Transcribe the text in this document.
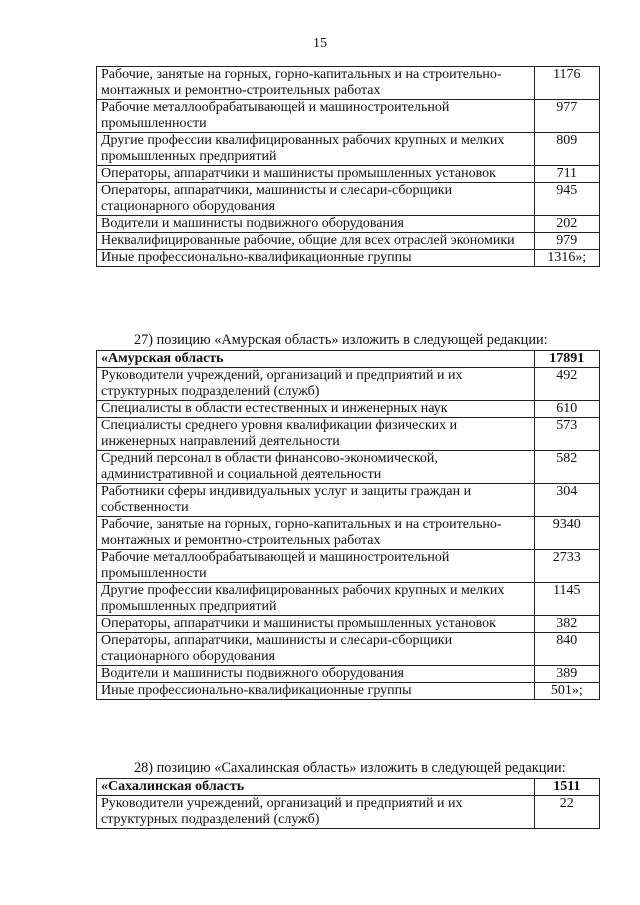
15
Рабочие, занятые на горных, горно-капитальных и на строительно-монтажных и ремонтно-строительных работах	1176
Рабочие металлообрабатывающей и машиностроительной промышленности	977
Другие профессии квалифицированных рабочих крупных и мелких промышленных предприятий	809
Операторы, аппаратчики и машинисты промышленных установок	711
Операторы, аппаратчики, машинисты и слесари-сборщики стационарного оборудования	945
Водители и машинисты подвижного оборудования	202
Неквалифицированные рабочие, общие для всех отраслей экономики	979
Иные профессионально-квалификационные группы	1316»;
27) позицию «Амурская область» изложить в следующей редакции:
«Амурская область	17891
Руководители учреждений, организаций и предприятий и их структурных подразделений (служб)	492
Специалисты в области естественных и инженерных наук	610
Специалисты среднего уровня квалификации физических и инженерных направлений деятельности	573
Средний персонал в области финансово-экономической, административной и социальной деятельности	582
Работники сферы индивидуальных услуг и защиты граждан и собственности	304
Рабочие, занятые на горных, горно-капитальных и на строительно-монтажных и ремонтно-строительных работах	9340
Рабочие металлообрабатывающей и машиностроительной промышленности	2733
Другие профессии квалифицированных рабочих крупных и мелких промышленных предприятий	1145
Операторы, аппаратчики и машинисты промышленных установок	382
Операторы, аппаратчики, машинисты и слесари-сборщики стационарного оборудования	840
Водители и машинисты подвижного оборудования	389
Иные профессионально-квалификационные группы	501»;
28) позицию «Сахалинская область» изложить в следующей редакции:
«Сахалинская область	1511
Руководители учреждений, организаций и предприятий и их структурных подразделений (служб)	22
